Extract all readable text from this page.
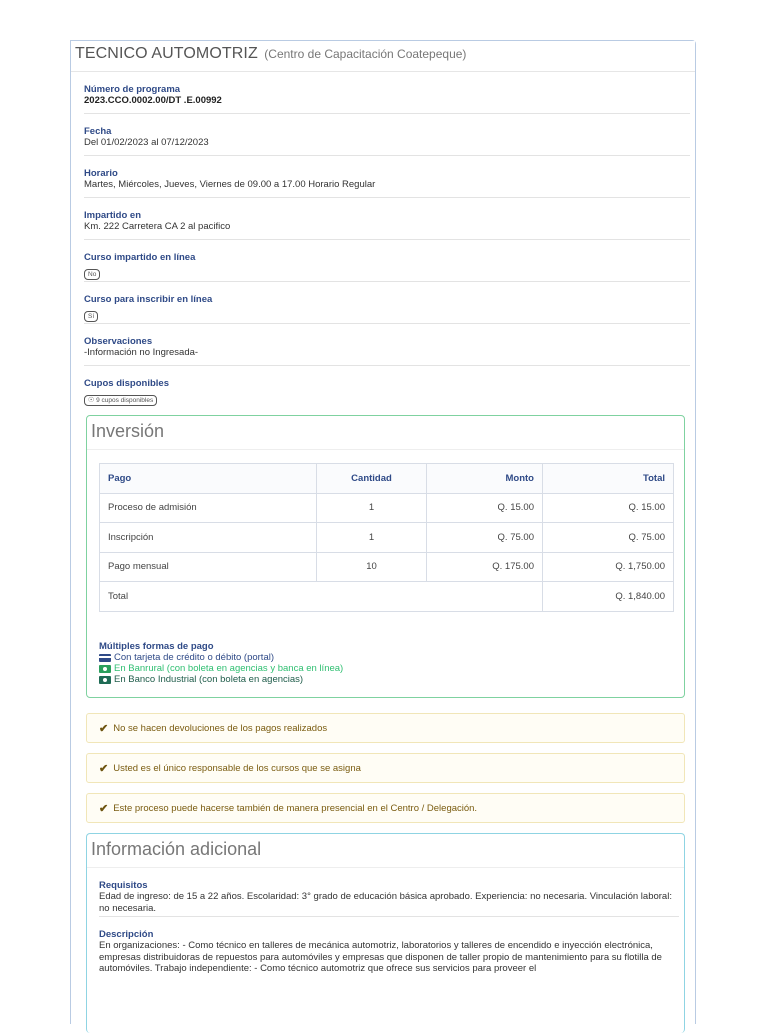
TECNICO AUTOMOTRIZ (Centro de Capacitación Coatepeque)
Número de programa
2023.CCO.0002.00/DT .E.00992
Fecha
Del 01/02/2023 al 07/12/2023
Horario
Martes, Miércoles, Jueves, Viernes de 09.00 a 17.00 Horario Regular
Impartido en
Km. 222 Carretera CA 2 al pacifico
Curso impartido en línea
No
Curso para inscribir en línea
Sí
Observaciones
-Información no Ingresada-
Cupos disponibles
☉ 9 cupos disponibles
Inversión
Pago	Cantidad	Monto	Total
Proceso de admisión	1	Q. 15.00	Q. 15.00
Inscripción	1	Q. 75.00	Q. 75.00
Pago mensual	10	Q. 175.00	Q. 1,750.00
Total			Q. 1,840.00
Múltiples formas de pago
Con tarjeta de crédito o débito (portal)
En Banrural (con boleta en agencias y banca en línea)
En Banco Industrial (con boleta en agencias)
✔ No se hacen devoluciones de los pagos realizados
✔ Usted es el único responsable de los cursos que se asigna
✔ Este proceso puede hacerse también de manera presencial en el Centro / Delegación.
Información adicional
Requisitos
Edad de ingreso: de 15 a 22 años. Escolaridad: 3° grado de educación básica aprobado. Experiencia: no necesaria. Vinculación laboral: no necesaria.
Descripción
En organizaciones: - Como técnico en talleres de mecánica automotriz, laboratorios y talleres de encendido e inyección electrónica, empresas distribuidoras de repuestos para automóviles y empresas que disponen de taller propio de mantenimiento para su flotilla de automóviles. Trabajo independiente: - Como técnico automotriz que ofrece sus servicios para proveer el
